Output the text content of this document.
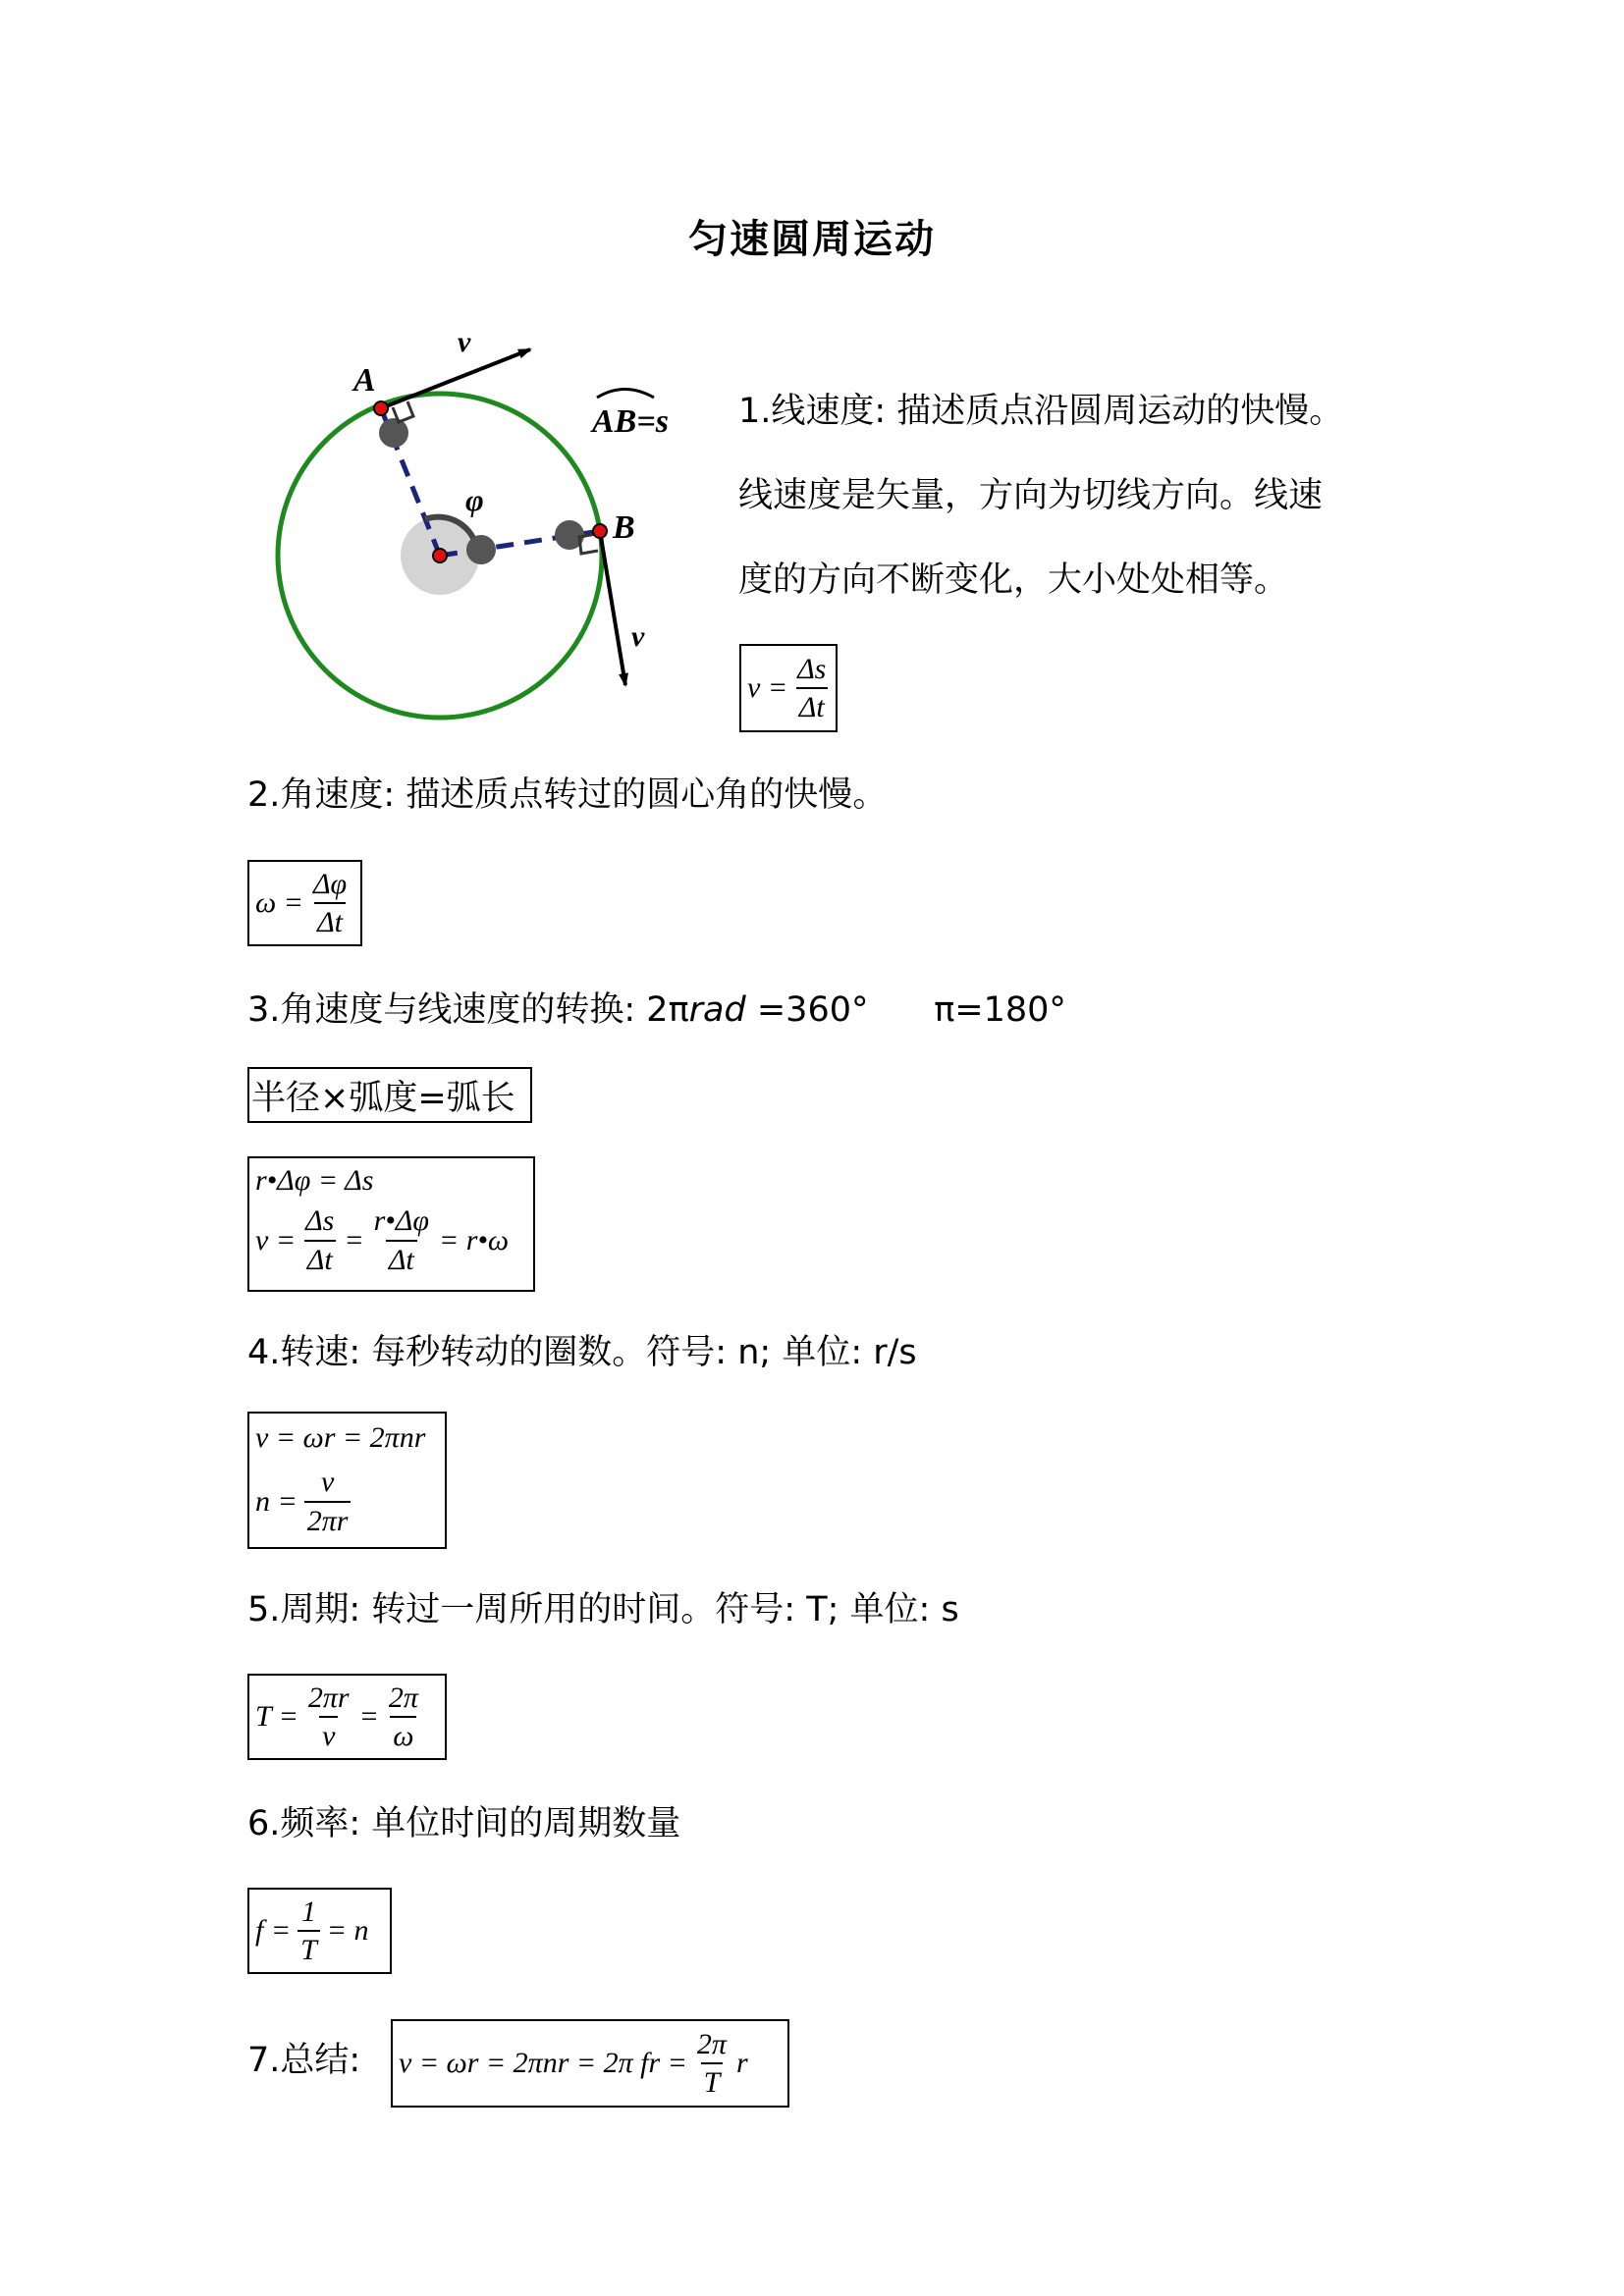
匀速圆周运动
A
B
v
v
φ
AB=s 1.线速度: 描述质点沿圆周运动的快慢。
线速度是矢量，方向为切线方向。线速
度的方向不断变化，大小处处相等。
$v = \frac{\Delta s}{\Delta t}$
2.角速度: 描述质点转过的圆心角的快慢。
$\omega = \frac{\Delta\varphi}{\Delta t}$
3.角速度与线速度的转换: 2πrad =360°      π=180°
半径×弧度=弧长
r•Δφ = Δs
$v = \frac{\Delta s}{\Delta t} = \frac{r•\Delta\varphi}{\Delta t}$ = r•ω
4.转速: 每秒转动的圈数。符号: n; 单位: r/s
v = ωr = 2πnr
$n = \frac{v}{2\pi r}$
5.周期: 转过一周所用的时间。符号: T; 单位: s
$T = \frac{2\pi r}{v} = \frac{2\pi}{\omega}$
6.频率: 单位时间的周期数量
$f = \frac{1}{T} = n$
7.总结: v = ωr = 2πnr = 2π fr = $\frac{2\pi}{T}$ r
